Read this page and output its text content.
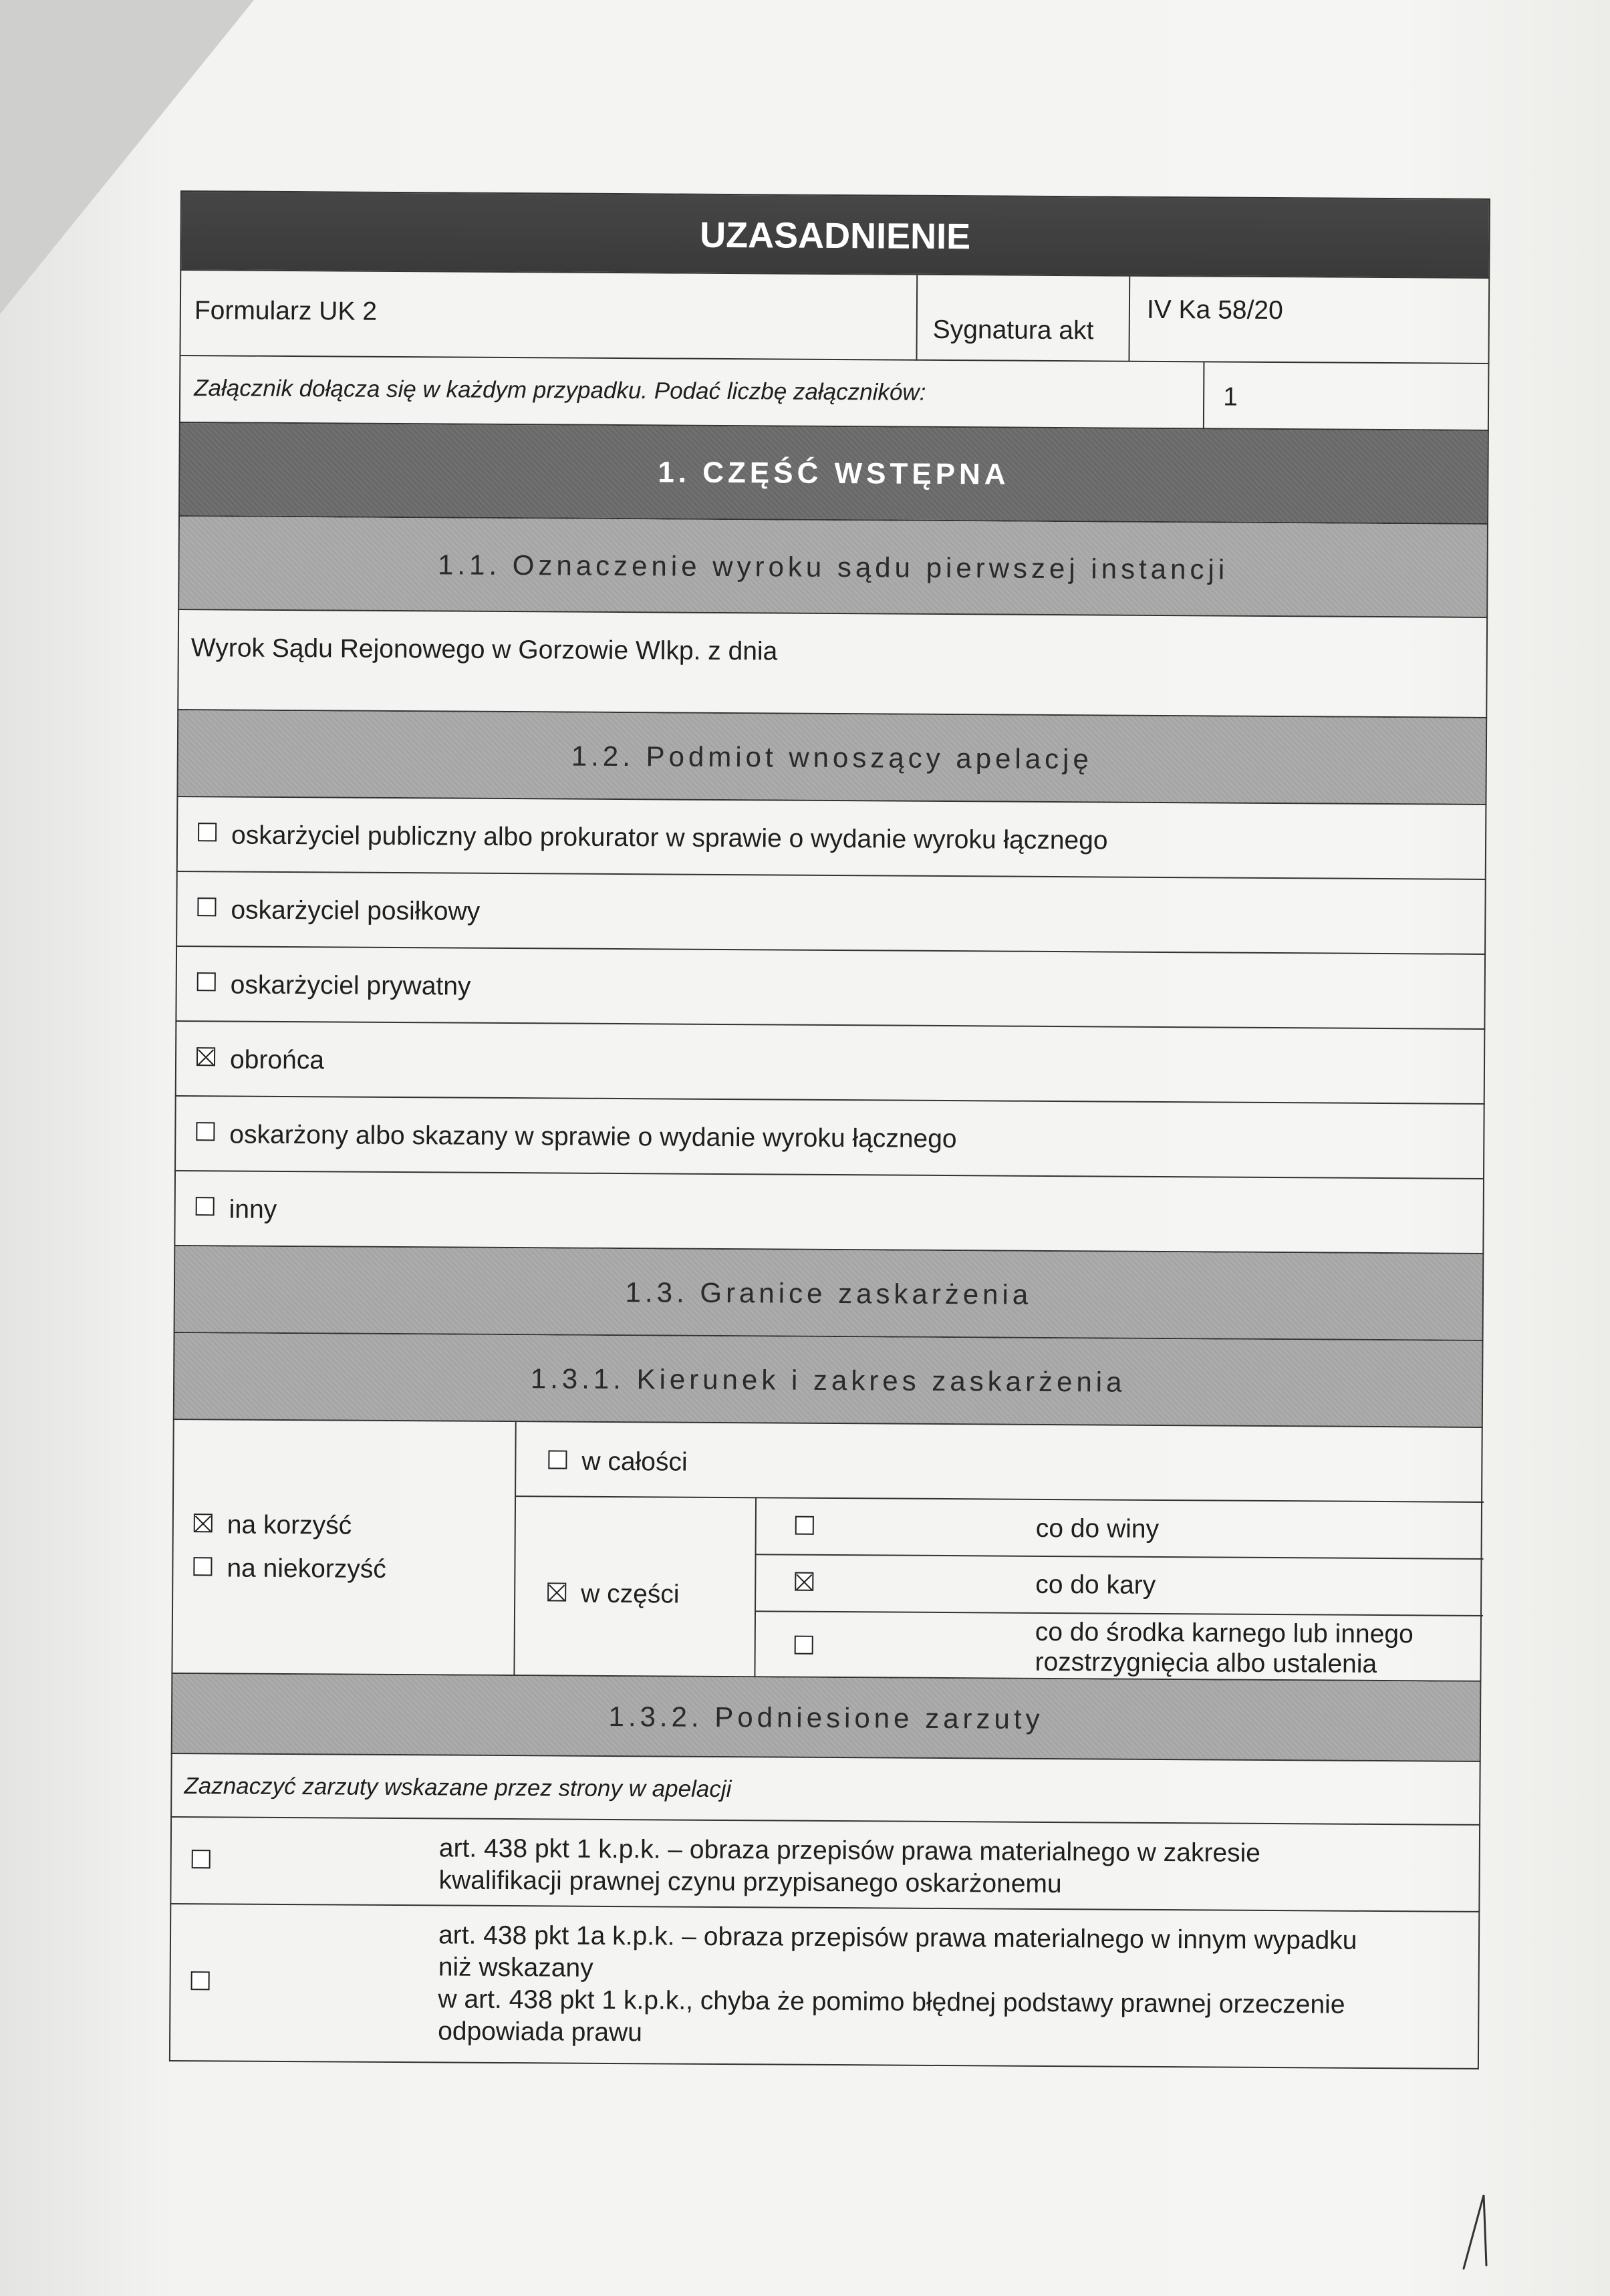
UZASADNIENIE
Formularz UK 2
Sygnatura akt
IV Ka 58/20
Załącznik dołącza się w każdym przypadku. Podać liczbę załączników:	1
1. CZĘŚĆ WSTĘPNA
1.1. Oznaczenie wyroku sądu pierwszej instancji
Wyrok Sądu Rejonowego w Gorzowie Wlkp. z dnia
1.2. Podmiot wnoszący apelację
oskarżyciel publiczny albo prokurator w sprawie o wydanie wyroku łącznego
oskarżyciel posiłkowy
oskarżyciel prywatny
obrońca
oskarżony albo skazany w sprawie o wydanie wyroku łącznego
inny
1.3. Granice zaskarżenia
1.3.1. Kierunek i zakres zaskarżenia
na korzyść
na niekorzyść
w całości
w części
co do winy
co do kary
co do środka karnego lub innego
rozstrzygnięcia albo ustalenia
1.3.2. Podniesione zarzuty
Zaznaczyć zarzuty wskazane przez strony w apelacji
art. 438 pkt 1 k.p.k. – obraza przepisów prawa materialnego w zakresie
kwalifikacji prawnej czynu przypisanego oskarżonemu
art. 438 pkt 1a k.p.k. – obraza przepisów prawa materialnego w innym wypadku
niż wskazany
w art. 438 pkt 1 k.p.k., chyba że pomimo błędnej podstawy prawnej orzeczenie
odpowiada prawu
